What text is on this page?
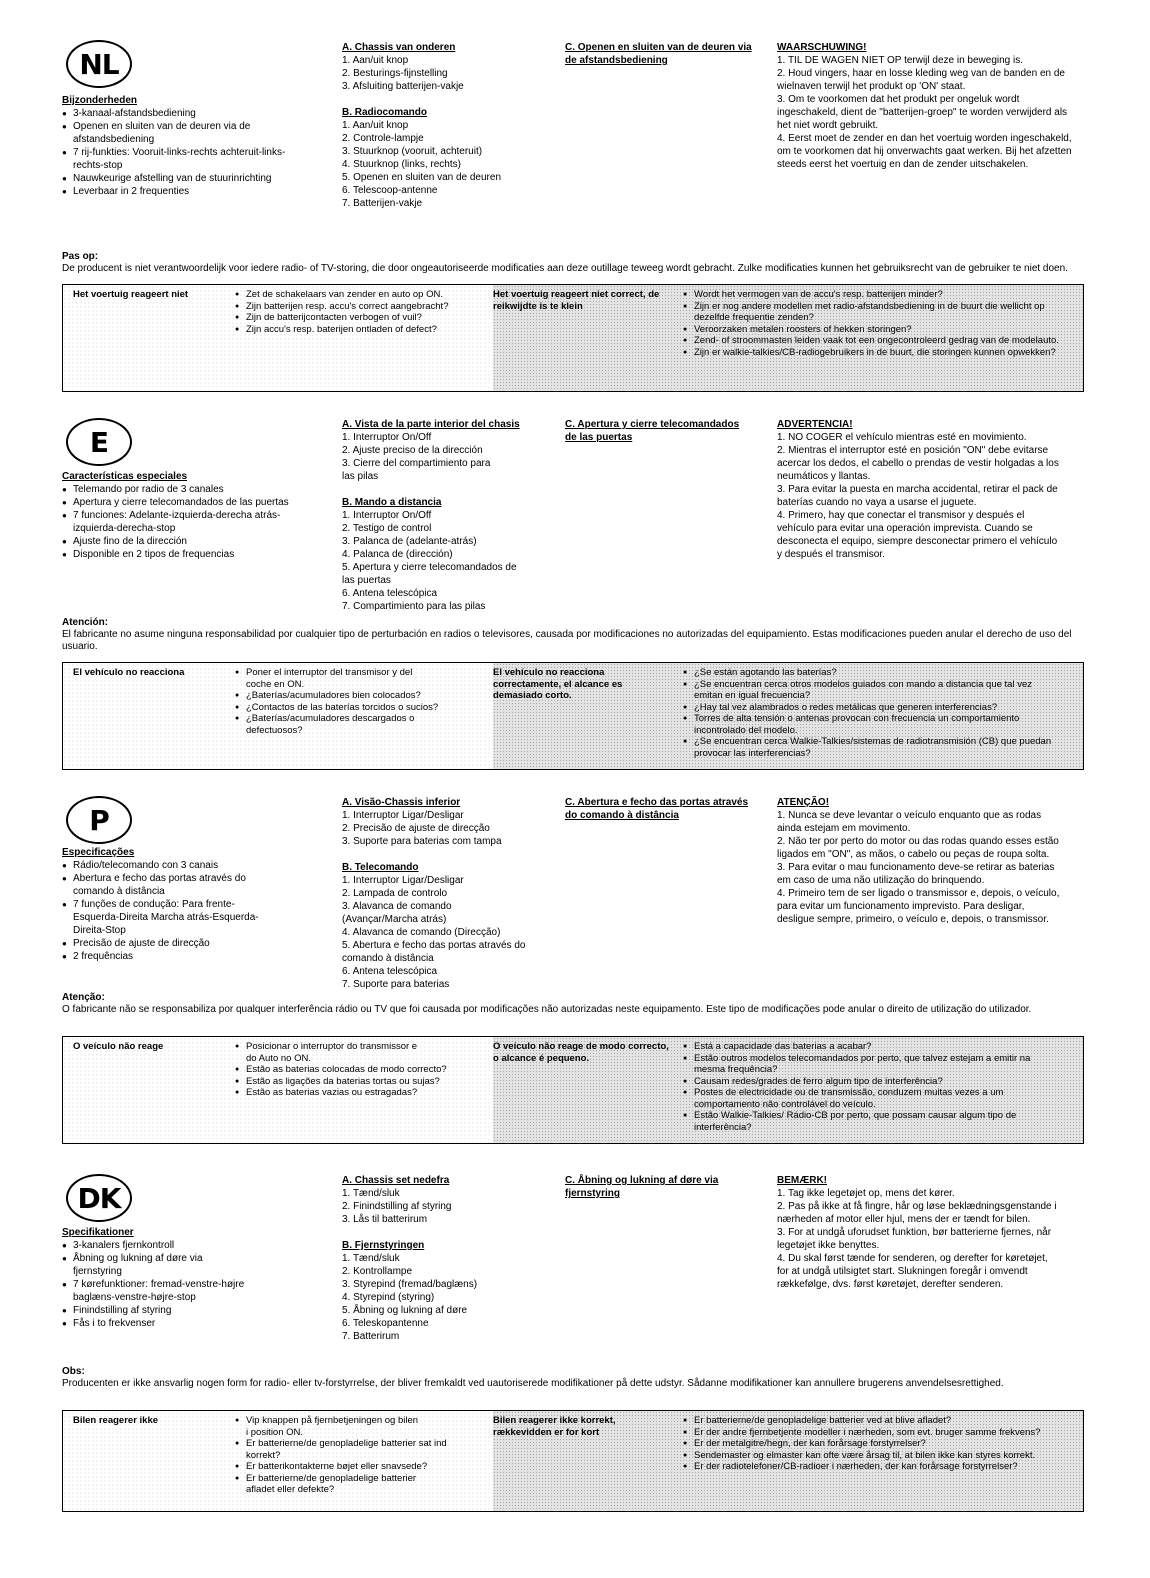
NL
Bijzonderheden
● 3-kanaal-afstandsbediening
● Openen en sluiten van de deuren via de afstandsbediening
● 7 rij-funkties: Vooruit-links-rechts achteruit-links-rechts-stop
● Nauwkeurige afstelling van de stuurinrichting
● Leverbaar in 2 frequenties
A. Chassis van onderen
1. Aan/uit knop
2. Besturings-fijnstelling
3. Afsluiting batterijen-vakje
B. Radiocomando
1. Aan/uit knop
2. Controle-lampje
3. Stuurknop (vooruit, achteruit)
4. Stuurknop (links, rechts)
5. Openen en sluiten van de deuren
6. Telescoop-antenne
7. Batterijen-vakje
C. Openen en sluiten van de deuren via de afstandsbediening
WAARSCHUWING!
1. TIL DE WAGEN NIET OP terwijl deze in beweging is.
2. Houd vingers, haar en losse kleding weg van de banden en de wielnaven terwijl het produkt op 'ON' staat.
3. Om te voorkomen dat het produkt per ongeluk wordt ingeschakeld, dient de "batterijen-groep" te worden verwijderd als het niet wordt gebruikt.
4. Eerst moet de zender en dan het voertuig worden ingeschakeld, om te voorkomen dat hij onverwachts gaat werken. Bij het afzetten steeds eerst het voertuig en dan de zender uitschakelen.
Pas op:
De producent is niet verantwoordelijk voor iedere radio- of TV-storing, die door ongeautoriseerde modificaties aan deze outillage teweeg wordt gebracht. Zulke modificaties kunnen het gebruiksrecht van de gebruiker te niet doen.
Het voertuig reageert niet	● Zet de schakelaars van zender en auto op ON.
● Zijn batterijen resp. accu's correct aangebracht?
● Zijn de batterijcontacten verbogen of vuil?
● Zijn accu's resp. baterijen ontladen of defect?
Het voertuig reageert niet correct, de reikwijdte is te klein
● Wordt het vermogen van de accu's resp. batterijen minder?
● Zijn er nog andere modellen met radio-afstandsbediening in de buurt die wellicht op dezelfde frequentie zenden?
● Veroorzaken metalen roosters of hekken storingen?
● Zend- of stroommasten leiden vaak tot een ongecontroleerd gedrag van de modelauto.
● Zijn er walkie-talkies/CB-radiogebruikers in de buurt, die storingen kunnen opwekken?
E
Características especiales
● Telemando por radio de 3 canales
● Apertura y cierre telecomandados de las puertas
● 7 funciones: Adelante-izquierda-derecha atrás-izquierda-derecha-stop
● Ajuste fino de la dirección
● Disponible en 2 tipos de frequencias
A. Vista de la parte interior del chasis
1. Interruptor On/Off
2. Ajuste preciso de la dirección
3. Cierre del compartimiento para las pilas
B. Mando a distancia
1. Interruptor On/Off
2. Testigo de control
3. Palanca de (adelante-atrás)
4. Palanca de (dirección)
5. Apertura y cierre telecomandados de las puertas
6. Antena telescópica
7. Compartimiento para las pilas
C. Apertura y cierre telecomandados de las puertas
ADVERTENCIA!
1. NO COGER el vehículo mientras esté en movimiento.
2. Mientras el interruptor esté en posición "ON" debe evitarse acercar los dedos, el cabello o prendas de vestir holgadas a los neumáticos y llantas.
3. Para evitar la puesta en marcha accidental, retirar el pack de baterías cuando no vaya a usarse el juguete.
4. Primero, hay que conectar el transmisor y después el vehículo para evitar una operación imprevista. Cuando se desconecta el equipo, siempre desconectar primero el vehículo y después el transmisor.
Atención:
El fabricante no asume ninguna responsabilidad por cualquier tipo de perturbación en radios o televisores, causada por modificaciones no autorizadas del equipamiento. Estas modificaciones pueden anular el derecho de uso del usuario.
El vehículo no reacciona	● Poner el interruptor del transmisor y del coche en ON.
● ¿Baterías/acumuladores bien colocados?
● ¿Contactos de las baterías torcidos o sucios?
● ¿Baterías/acumuladores descargados o defectuosos?
El vehículo no reacciona correctamente, el alcance es demasiado corto.
● ¿Se están agotando las baterías?
● ¿Se encuentran cerca otros modelos guiados con mando a distancia que tal vez emitan en igual frecuencia?
● ¿Hay tal vez alambrados o redes metálicas que generen interferencias?
● Torres de alta tensión o antenas provocan con frecuencia un comportamiento incontrolado del modelo.
● ¿Se encuentran cerca Walkie-Talkies/sistemas de radiotransmisión (CB) que puedan provocar las interferencias?
P
Especificações
● Rádio/telecomando con 3 canais
● Abertura e fecho das portas através do comando à distância
● 7 funções de condução: Para frente-Esquerda-Direita Marcha atrás-Esquerda-Direita-Stop
● Precisão de ajuste de direcção
● 2 frequências
A. Visão-Chassis inferior
1. Interruptor Ligar/Desligar
2. Precisão de ajuste de direcção
3. Suporte para baterias com tampa
B. Telecomando
1. Interruptor Ligar/Desligar
2. Lampada de controlo
3. Alavanca de comando (Avançar/Marcha atrás)
4. Alavanca de comando (Direcção)
5. Abertura e fecho das portas através do comando à distância
6. Antena telescópica
7. Suporte para baterias
C. Abertura e fecho das portas através do comando à distância
ATENÇÃO!
1. Nunca se deve levantar o veículo enquanto que as rodas ainda estejam em movimento.
2. Não ter por perto do motor ou das rodas quando esses estão ligados em "ON", as mãos, o cabelo ou peças de roupa solta.
3. Para evitar o mau funcionamento deve-se retirar as baterias em caso de uma não utilização do brinquendo.
4. Primeiro tem de ser ligado o transmissor e, depois, o veículo, para evitar um funcionamento imprevisto. Para desligar, desligue sempre, primeiro, o veículo e, depois, o transmissor.
Atenção:
O fabricante não se responsabiliza por qualquer interferência rádio ou TV que foi causada por modificações não autorizadas neste equipamento. Este tipo de modificações pode anular o direito de utilização do utilizador.
O veículo não reage	● Posicionar o interruptor do transmissor e do Auto no ON.
● Estão as baterias colocadas de modo correcto?
● Estão as ligações da baterias tortas ou sujas?
● Estão as baterias vazias ou estragadas?
O veículo não reage de modo correcto, o alcance é pequeno.
● Está a capacidade das baterias a acabar?
● Estão outros modelos telecomandados por perto, que talvez estejam a emitir na mesma frequência?
● Causam redes/grades de ferro algum tipo de interferência?
● Postes de electricidade ou de transmissão, conduzem muitas vezes a um comportamento não controlável do veículo.
● Estão Walkie-Talkies/ Rádio-CB por perto, que possam causar algum tipo de interferência?
DK
Specifikationer
● 3-kanalers fjernkontroll
● Åbning og lukning af døre via fjernstyring
● 7 kørefunktioner: fremad-venstre-højre baglæns-venstre-højre-stop
● Finindstilling af styring
● Fås i to frekvenser
A. Chassis set nedefra
1. Tænd/sluk
2. Finindstilling af styring
3. Lås til batterirum
B. Fjernstyringen
1. Tænd/sluk
2. Kontrollampe
3. Styrepind (fremad/baglæns)
4. Styrepind (styring)
5. Åbning og lukning af døre
6. Teleskopantenne
7. Batterirum
C. Åbning og lukning af døre via fjernstyring
BEMÆRK!
1. Tag ikke legetøjet op, mens det kører.
2. Pas på ikke at få fingre, hår og løse beklædningsgenstande i nærheden af motor eller hjul, mens der er tændt for bilen.
3. For at undgå uforudset funktion, bør batterierne fjernes, når legetøjet ikke benyttes.
4. Du skal først tænde for senderen, og derefter for køretøjet, for at undgå utilsigtet start. Slukningen foregår i omvendt rækkefølge, dvs. først køretøjet, derefter senderen.
Obs:
Producenten er ikke ansvarlig nogen form for radio- eller tv-forstyrrelse, der bliver fremkaldt ved uautoriserede modifikationer på dette udstyr. Sådanne modifikationer kan annullere brugerens anvendelsesrettighed.
Bilen reagerer ikke	● Vip knappen på fjernbetjeningen og bilen i position ON.
● Er batterierne/de genopladelige batterier sat ind korrekt?
● Er batterikontakterne bøjet eller snavsede?
● Er batterierne/de genopladelige batterier afladet eller defekte?
Bilen reagerer ikke korrekt, rækkevidden er for kort
● Er batterierne/de genopladelige batterier ved at blive afladet?
● Er der andre fjernbetjente modeller i nærheden, som evt. bruger samme frekvens?
● Er der metalgitre/hegn, der kan forårsage forstyrrelser?
● Sendemaster og elmaster kan ofte være årsag til, at bilen ikke kan styres korrekt.
● Er der radiotelefoner/CB-radioer i nærheden, der kan forårsage forstyrrelser?
